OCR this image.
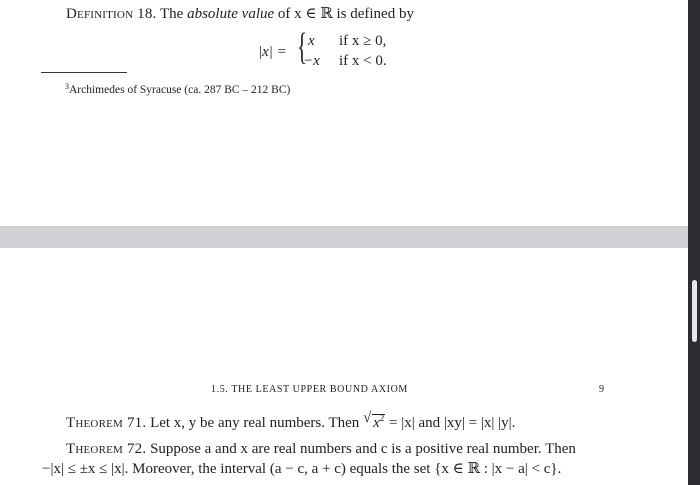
Definition 18. The absolute value of x ∈ ℝ is defined by
|x| = { x if x ≥ 0,
−x if x < 0.
$^3$Archimedes of Syracuse (ca. 287 BC – 212 BC)
1.5. THE LEAST UPPER BOUND AXIOM	9
Theorem 71. Let x, y be any real numbers. Then √ $x^2 = |x|$ and |xy| = |x| |y|.
Theorem 72. Suppose a and x are real numbers and c is a positive real number. Then
−|x| ≤ ±x ≤ |x|. Moreover, the interval (a − c, a + c) equals the set {x ∈ ℝ : |x − a| < c}.
